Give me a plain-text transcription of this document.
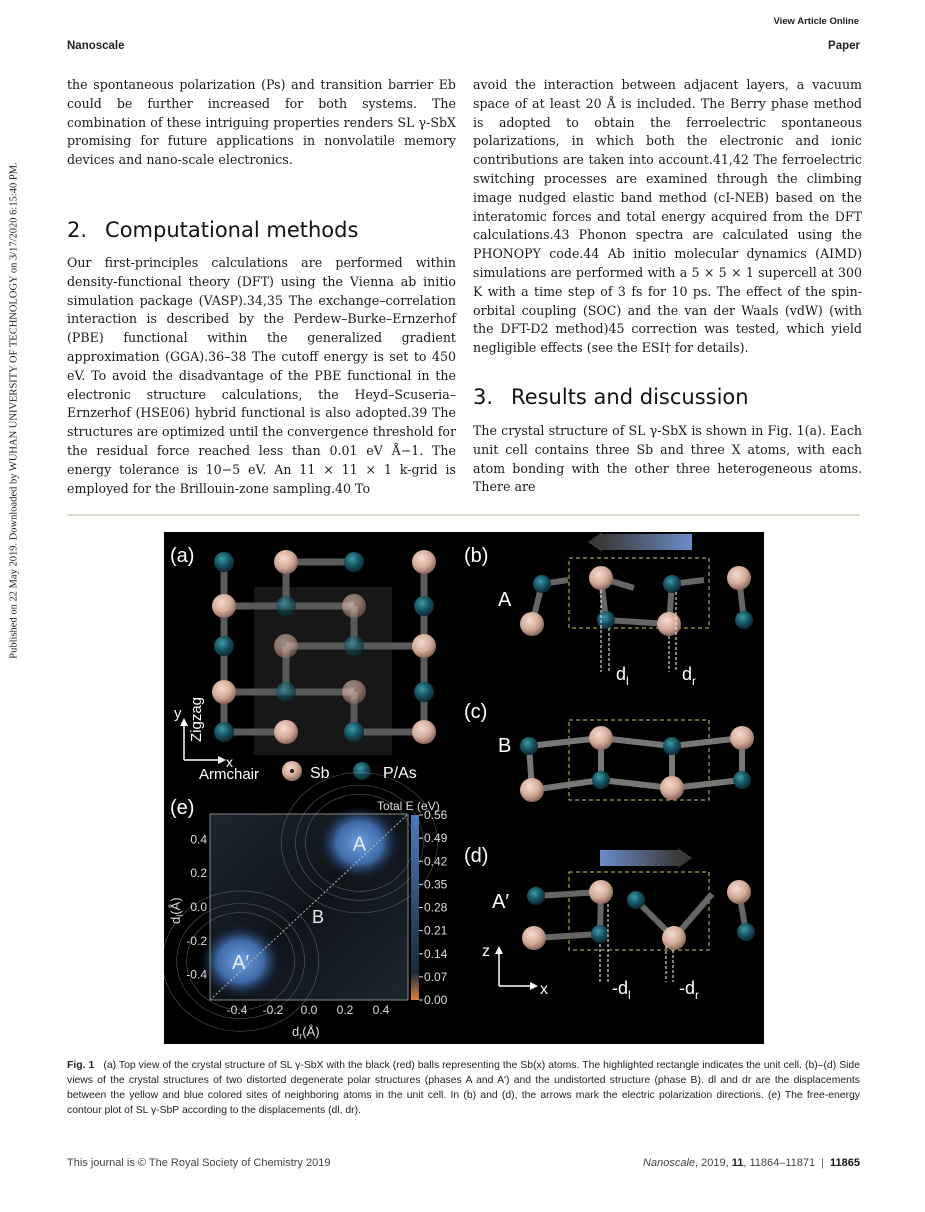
Published on 22 May 2019. Downloaded by WUHAN UNIVERSITY OF TECHNOLOGY on 3/17/2020 6:15:40 PM.
View Article Online
Nanoscale	Paper

the spontaneous polarization (Ps) and transition barrier Eb could be further increased for both systems. The combination of these intriguing properties renders SL γ-SbX promising for future applications in nonvolatile memory devices and nano-scale electronics.

2. Computational methods

Our first-principles calculations are performed within density-functional theory (DFT) using the Vienna ab initio simulation package (VASP).34,35 The exchange–correlation interaction is described by the Perdew–Burke–Ernzerhof (PBE) functional within the generalized gradient approximation (GGA).36–38 The cutoff energy is set to 450 eV. To avoid the disadvantage of the PBE functional in the electronic structure calculations, the Heyd–Scuseria–Ernzerhof (HSE06) hybrid functional is also adopted.39 The structures are optimized until the convergence threshold for the residual force reached less than 0.01 eV Å−1. The energy tolerance is 10−5 eV. An 11 × 11 × 1 k-grid is employed for the Brillouin-zone sampling.40 To

avoid the interaction between adjacent layers, a vacuum space of at least 20 Å is included. The Berry phase method is adopted to obtain the ferroelectric spontaneous polarizations, in which both the electronic and ionic contributions are taken into account.41,42 The ferroelectric switching processes are examined through the climbing image nudged elastic band method (cI-NEB) based on the interatomic forces and total energy acquired from the DFT calculations.43 Phonon spectra are calculated using the PHONOPY code.44 Ab initio molecular dynamics (AIMD) simulations are performed with a 5 × 5 × 1 supercell at 300 K with a time step of 3 fs for 10 ps. The effect of the spin-orbital coupling (SOC) and the van der Waals (vdW) (with the DFT-D2 method)45 correction was tested, which yield negligible effects (see the ESI† for details).

3. Results and discussion

The crystal structure of SL γ-SbX is shown in Fig. 1(a). Each unit cell contains three Sb and three X atoms, with each atom bonding with the other three heterogeneous atoms. There are

(a)
y
x
Zigzag
Armchair	Sb	P/As
(b)
A
$d_l$	$d_r$
(c)
B
(d)
A′
z
x	$-d_l$	$-d_r$
(e)	Total E (eV)
0.56
0.49
0.42
0.35
0.28
0.21
0.14
0.07
0.00
0.4
0.2
0.0
-0.2
-0.4
-0.4 -0.2 0.0 0.2 0.4
A
A′
B
$d_l(Å)$
$d_r(Å)$
Fig. 1 (a) Top view of the crystal structure of SL γ-SbX with the black (red) balls representing the Sb(x) atoms. The highlighted rectangle indicates the unit cell. (b)–(d) Side views of the crystal structures of two distorted degenerate polar structures (phases A and A′) and the undistorted structure (phase B). dl and dr are the displacements between the yellow and blue colored sites of neighboring atoms in the unit cell. In (b) and (d), the arrows mark the electric polarization directions. (e) The free-energy contour plot of SL γ-SbP according to the displacements (dl, dr).
This journal is © The Royal Society of Chemistry 2019	Nanoscale, 2019, 11, 11864–11871 | 11865
